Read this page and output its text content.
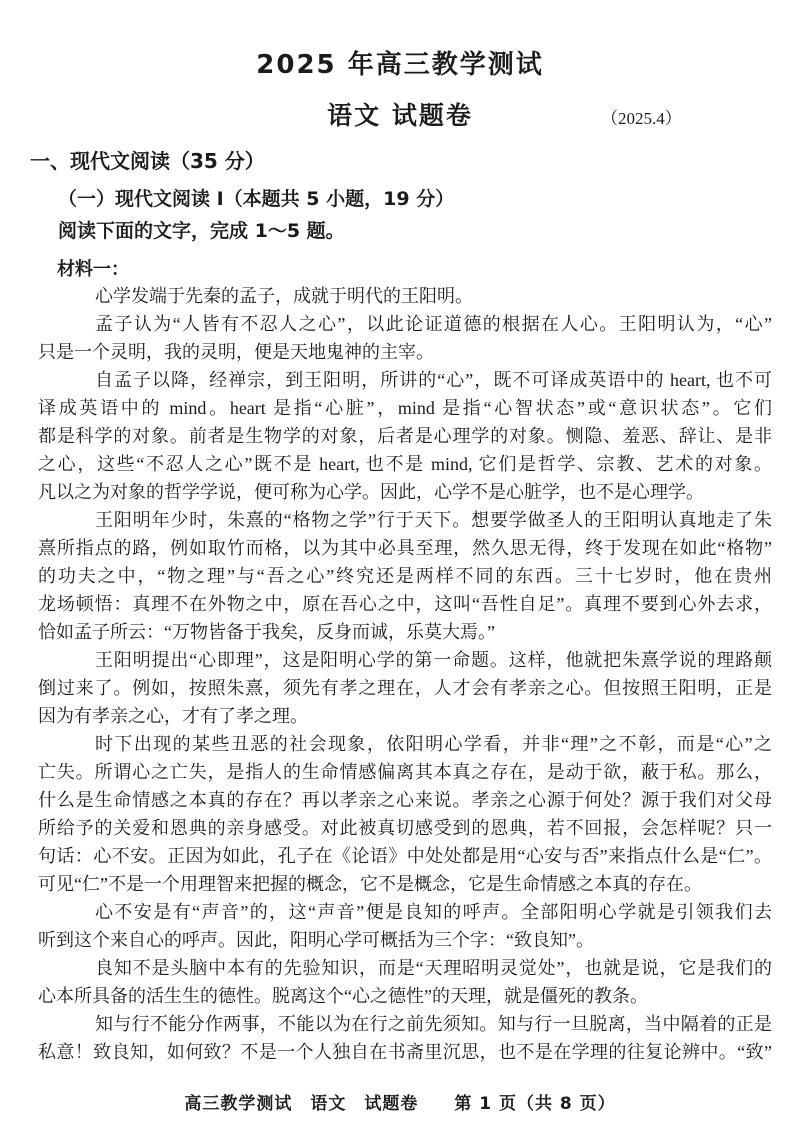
2025 年高三教学测试
语文 试题卷	（2025.4）
一、现代文阅读（35 分）
（一）现代文阅读 I（本题共 5 小题，19 分）
阅读下面的文字，完成 1～5 题。
材料一：
心学发端于先秦的孟子，成就于明代的王阳明。
孟子认为“人皆有不忍人之心”，以此论证道德的根据在人心。王阳明认为，“心”
只是一个灵明，我的灵明，便是天地鬼神的主宰。
自孟子以降，经禅宗，到王阳明，所讲的“心”，既不可译成英语中的 heart, 也不可
译成英语中的 mind。heart 是指“心脏”，mind 是指“心智状态”或“意识状态”。它们
都是科学的对象。前者是生物学的对象，后者是心理学的对象。恻隐、羞恶、辞让、是非
之心，这些“不忍人之心”既不是 heart, 也不是 mind, 它们是哲学、宗教、艺术的对象。
凡以之为对象的哲学学说，便可称为心学。因此，心学不是心脏学，也不是心理学。
王阳明年少时，朱熹的“格物之学”行于天下。想要学做圣人的王阳明认真地走了朱
熹所指点的路，例如取竹而格，以为其中必具至理，然久思无得，终于发现在如此“格物”
的功夫之中，“物之理”与“吾之心”终究还是两样不同的东西。三十七岁时，他在贵州
龙场顿悟：真理不在外物之中，原在吾心之中，这叫“吾性自足”。真理不要到心外去求，
恰如孟子所云：“万物皆备于我矣，反身而诚，乐莫大焉。”
王阳明提出“心即理”，这是阳明心学的第一命题。这样，他就把朱熹学说的理路颠
倒过来了。例如，按照朱熹，须先有孝之理在，人才会有孝亲之心。但按照王阳明，正是
因为有孝亲之心，才有了孝之理。
时下出现的某些丑恶的社会现象，依阳明心学看，并非“理”之不彰，而是“心”之
亡失。所谓心之亡失，是指人的生命情感偏离其本真之存在，是动于欲，蔽于私。那么，
什么是生命情感之本真的存在？再以孝亲之心来说。孝亲之心源于何处？源于我们对父母
所给予的关爱和恩典的亲身感受。对此被真切感受到的恩典，若不回报，会怎样呢？只一
句话：心不安。正因为如此，孔子在《论语》中处处都是用“心安与否”来指点什么是“仁”。
可见“仁”不是一个用理智来把握的概念，它不是概念，它是生命情感之本真的存在。
心不安是有“声音”的，这“声音”便是良知的呼声。全部阳明心学就是引领我们去
听到这个来自心的呼声。因此，阳明心学可概括为三个字：“致良知”。
良知不是头脑中本有的先验知识，而是“天理昭明灵觉处”，也就是说，它是我们的
心本所具备的活生生的德性。脱离这个“心之德性”的天理，就是僵死的教条。
知与行不能分作两事，不能以为在行之前先须知。知与行一旦脱离，当中隔着的正是
私意！致良知，如何致？不是一个人独自在书斋里沉思，也不是在学理的往复论辨中。“致”
高三教学测试　语文　试题卷　　第 1 页（共 8 页）
